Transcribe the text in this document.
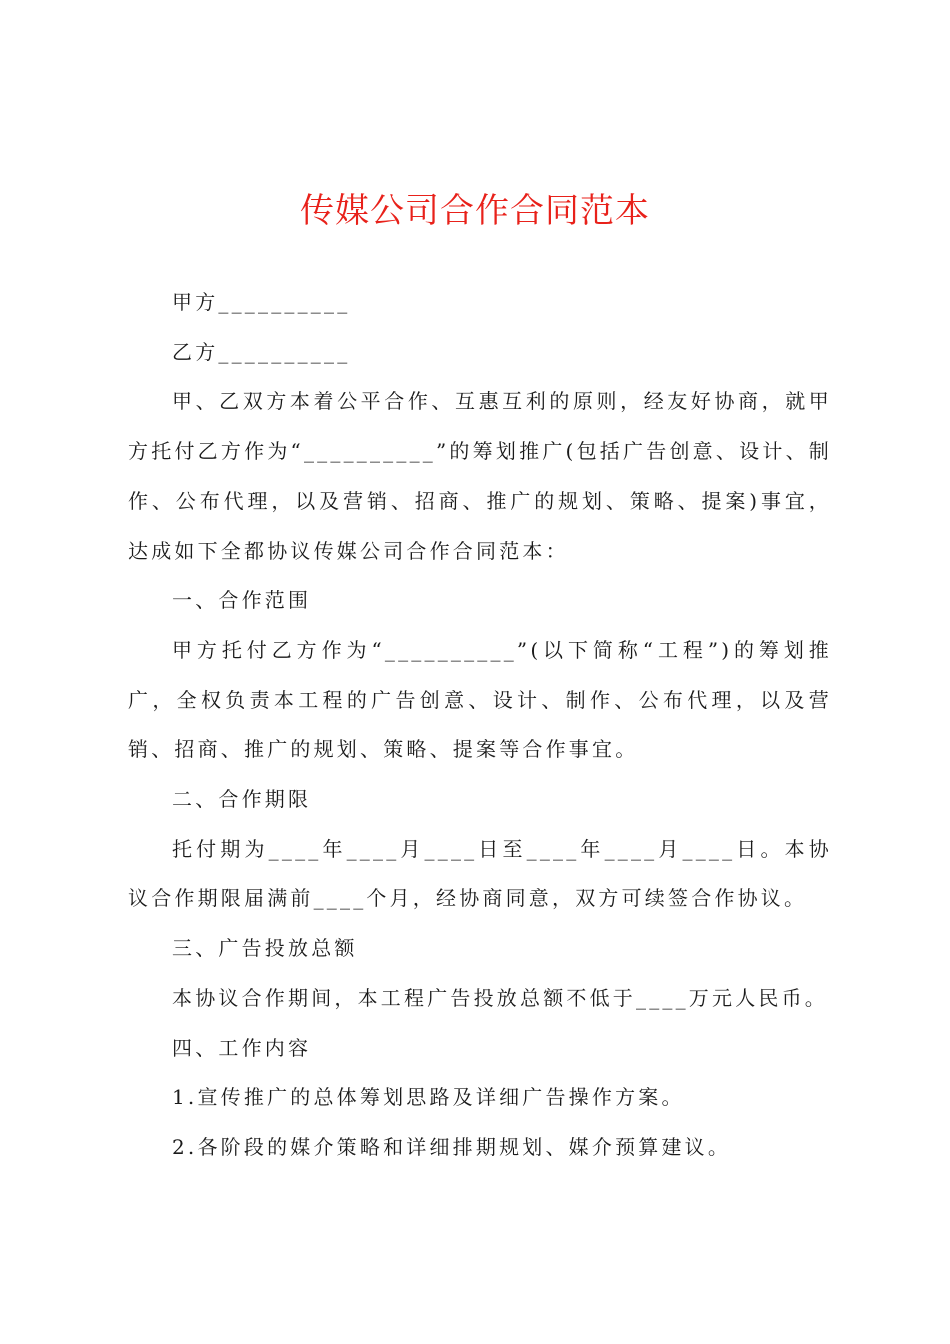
传媒公司合作合同范本

甲方__________

乙方__________

甲、乙双方本着公平合作、互惠互利的原则，经友好协商，就甲方托付乙方作为“__________”的筹划推广(包括广告创意、设计、制作、公布代理，以及营销、招商、推广的规划、策略、提案)事宜，达成如下全都协议传媒公司合作合同范本：

一、合作范围

甲方托付乙方作为“__________”(以下简称“工程”)的筹划推广，全权负责本工程的广告创意、设计、制作、公布代理，以及营销、招商、推广的规划、策略、提案等合作事宜。

二、合作期限

托付期为____年____月____日至____年____月____日。本协议合作期限届满前____个月，经协商同意，双方可续签合作协议。

三、广告投放总额

本协议合作期间，本工程广告投放总额不低于____万元人民币。

四、工作内容

1.宣传推广的总体筹划思路及详细广告操作方案。

2.各阶段的媒介策略和详细排期规划、媒介预算建议。
